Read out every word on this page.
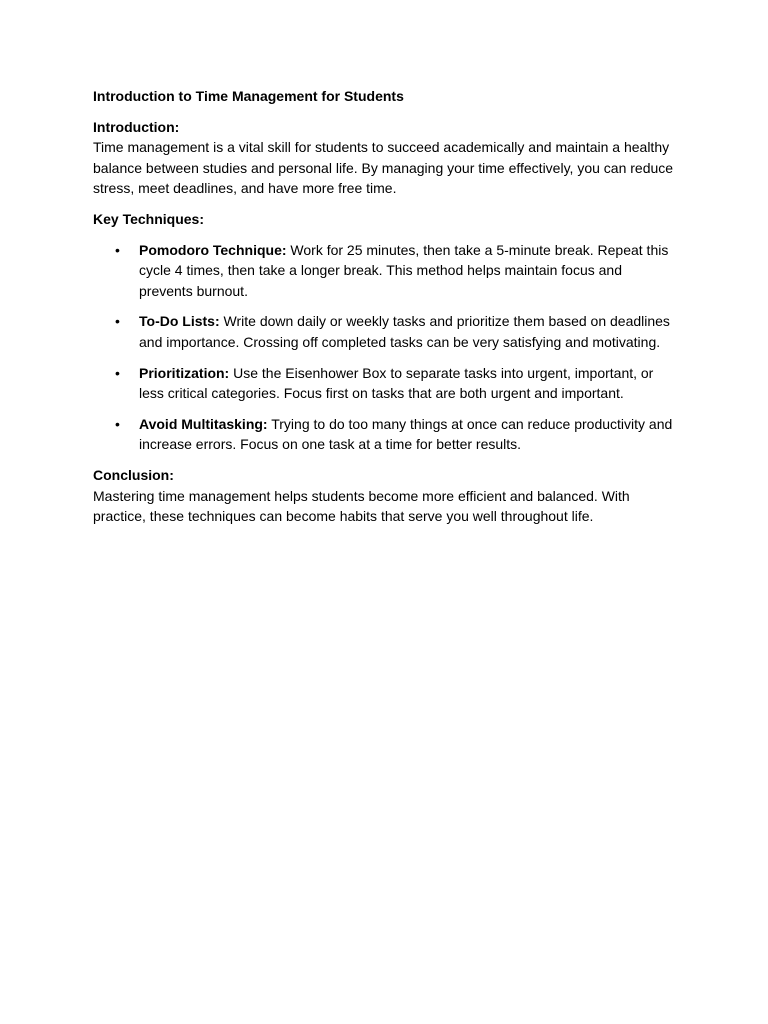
Introduction to Time Management for Students

Introduction:

Time management is a vital skill for students to succeed academically and maintain a healthy balance between studies and personal life. By managing your time effectively, you can reduce stress, meet deadlines, and have more free time.

Key Techniques:

• Pomodoro Technique: Work for 25 minutes, then take a 5-minute break. Repeat this cycle 4 times, then take a longer break. This method helps maintain focus and prevents burnout.
• To-Do Lists: Write down daily or weekly tasks and prioritize them based on deadlines and importance. Crossing off completed tasks can be very satisfying and motivating.
• Prioritization: Use the Eisenhower Box to separate tasks into urgent, important, or less critical categories. Focus first on tasks that are both urgent and important.
• Avoid Multitasking: Trying to do too many things at once can reduce productivity and increase errors. Focus on one task at a time for better results.

Conclusion:

Mastering time management helps students become more efficient and balanced. With practice, these techniques can become habits that serve you well throughout life.
